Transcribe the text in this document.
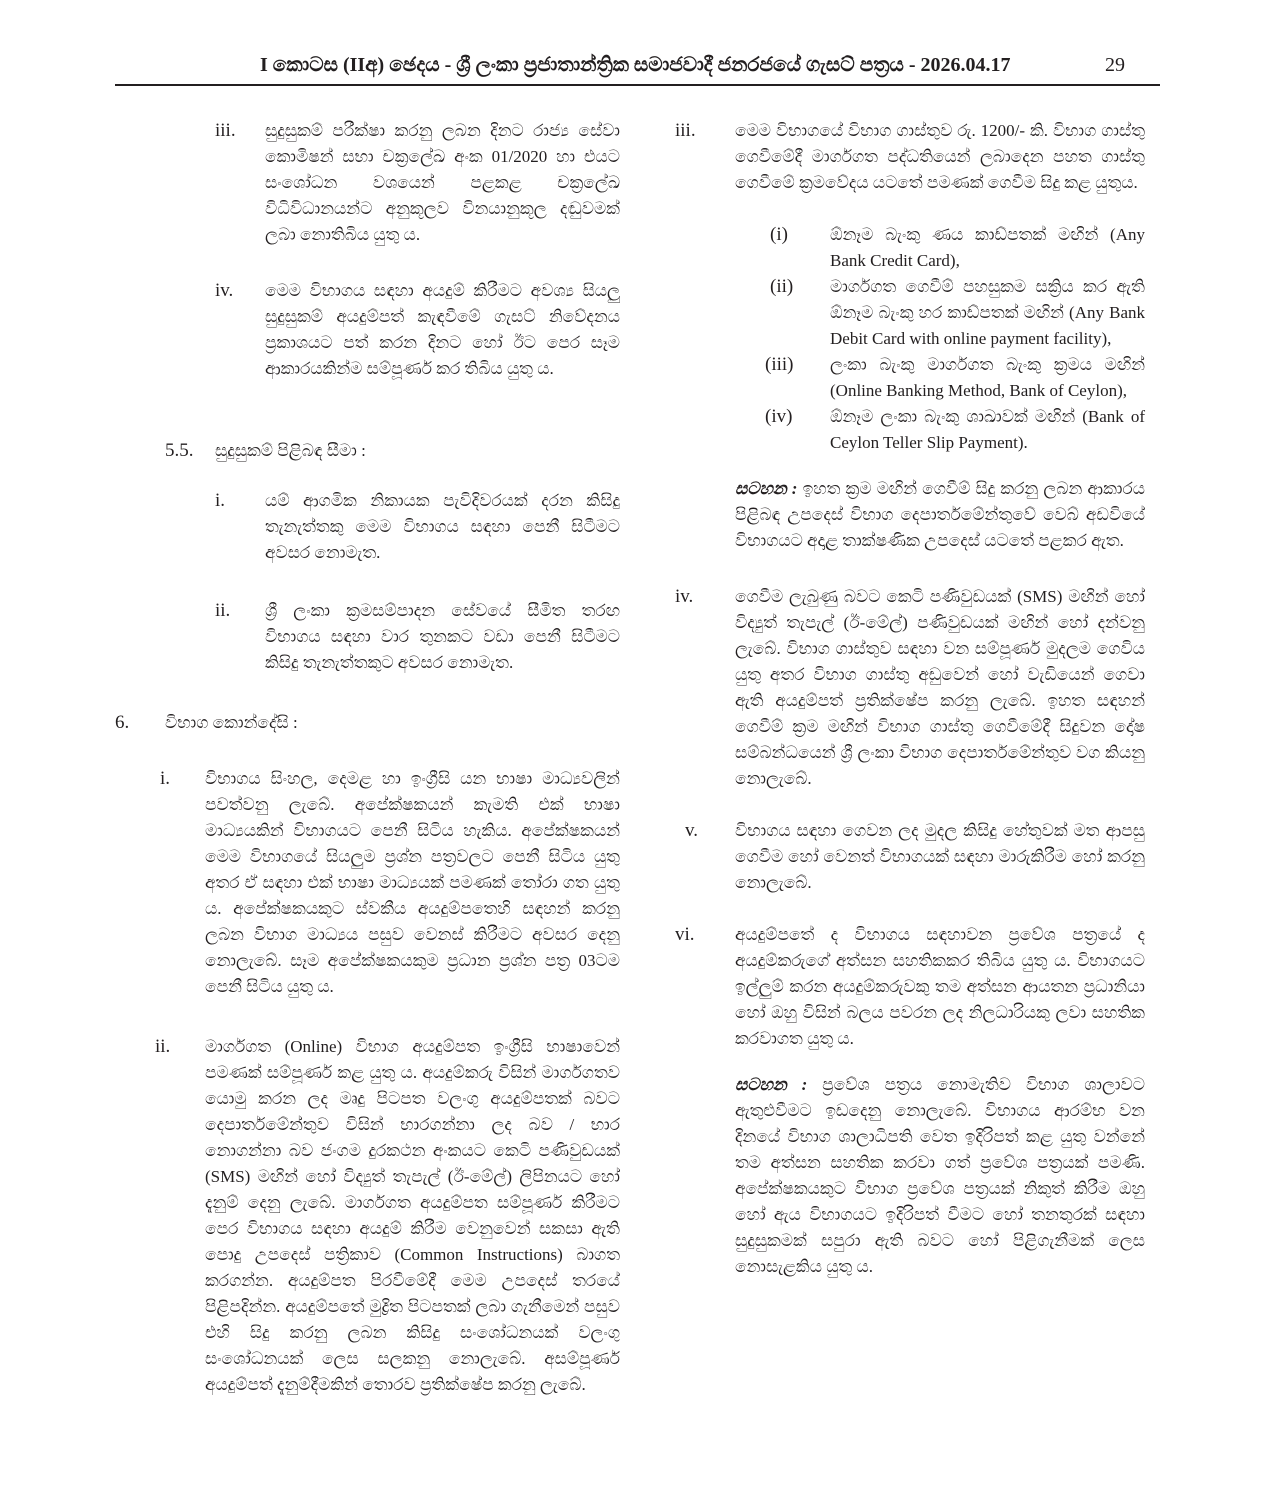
I කොටස (IIඅ) ඡෙදය - ශ්‍රී ලංකා ප්‍රජාතාන්ත්‍රික සමාජවාදී ජනරජයේ ගැසට් පත්‍රය - 2026.04.17	29
iii. සුදුසුකම් පරීක්ෂා කරනු ලබන දිනට රාජ්‍ය සේවා කොමිෂන් සභා චක්‍රලේඛ අංක 01/2020 හා එයට සංශෝධන වශයෙන් පළකළ චක්‍රලේඛ විධිවිධානයන්ට අනුකූලව විනයානුකූල දඬුවමක් ලබා නොතිබිය යුතු ය.
iv. මෙම විභාගය සඳහා අයදුම් කිරීමට අවශ්‍ය සියලු සුදුසුකම් අයදුම්පත් කැඳවීමේ ගැසට් නිවේදනය ප්‍රකාශයට පත් කරන දිනට හෝ ඊට පෙර සෑම ආකාරයකින්ම සම්පූර්ණ කර තිබිය යුතු ය.
5.5. සුදුසුකම් පිළිබඳ සීමා :
i. යම් ආගමික නිකායක පැවිදිවරයක් දරන කිසිදු තැනැත්තකු මෙම විභාගය සඳහා පෙනී සිටීමට අවසර නොමැත.
ii. ශ්‍රී ලංකා ක්‍රමසම්පාදන සේවයේ සීමිත තරඟ විභාගය සඳහා වාර තුනකට වඩා පෙනී සිටීමට කිසිදු තැනැත්තකුට අවසර නොමැත.
6. විභාග කොන්දේසි :
i. විභාගය සිංහල, දෙමළ හා ඉංග්‍රීසි යන භාෂා මාධ්‍යවලින් පවත්වනු ලැබේ. අපේක්ෂකයන් කැමති එක් භාෂා මාධ්‍යයකින් විභාගයට පෙනී සිටිය හැකිය. අපේක්ෂකයන් මෙම විභාගයේ සියලුම ප්‍රශ්න පත්‍රවලට පෙනී සිටිය යුතු අතර ඒ සඳහා එක් භාෂා මාධ්‍යයක් පමණක් තෝරා ගත යුතු ය. අපේක්ෂකයකුට ස්වකීය අයදුම්පතෙහි සඳහන් කරනු ලබන විභාග මාධ්‍යය පසුව වෙනස් කිරීමට අවසර දෙනු නොලැබේ. සෑම අපේක්ෂකයකුම ප්‍රධාන ප්‍රශ්න පත්‍ර 03ටම පෙනී සිටිය යුතු ය.
ii. මාර්ගගත (Online) විභාග අයදුම්පත ඉංග්‍රීසි භාෂාවෙන් පමණක් සම්පූර්ණ කළ යුතු ය. අයදුම්කරු විසින් මාර්ගගතව යොමු කරන ලද මෘදු පිටපත වලංගු අයදුම්පතක් බවට දෙපාර්තමේන්තුව විසින් භාරගන්නා ලද බව / භාර නොගන්නා බව ජංගම දුරකථන අංකයට කෙටි පණිවුඩයක් (SMS) මඟින් හෝ විද්‍යුත් තැපැල් (ඊ-මේල්) ලිපිනයට හෝ දැනුම් දෙනු ලැබේ. මාර්ගගත අයදුම්පත සම්පූර්ණ කිරීමට පෙර විභාගය සඳහා අයදුම් කිරීම වෙනුවෙන් සකසා ඇති පොදු උපදෙස් පත්‍රිකාව (Common Instructions) බාගත කරගන්න. අයදුම්පත පිරවීමේදී මෙම උපදෙස් තරයේ පිළිපදින්න. අයදුම්පතේ මුද්‍රිත පිටපතක් ලබා ගැනීමෙන් පසුව එහි සිදු කරනු ලබන කිසිදු සංශෝධනයක් වලංගු සංශෝධනයක් ලෙස සලකනු නොලැබේ. අසම්පූර්ණ අයදුම්පත් දැනුම්දීමකින් තොරව ප්‍රතික්ෂේප කරනු ලැබේ.
iii. මෙම විභාගයේ විභාග ගාස්තුව රු. 1200/- කි. විභාග ගාස්තු ගෙවීමේදී මාර්ගගත පද්ධතියෙන් ලබාදෙන පහත ගාස්තු ගෙවීමේ ක්‍රමවේදය යටතේ පමණක් ගෙවීම සිදු කළ යුතුය.
(i) ඕනෑම බැංකු ණය කාඩ්පතක් මඟින් (Any Bank Credit Card),
(ii) මාර්ගගත ගෙවීම් පහසුකම සක්‍රිය කර ඇති ඕනෑම බැංකු හර කාඩ්පතක් මඟින් (Any Bank Debit Card with online payment facility),
(iii) ලංකා බැංකු මාර්ගගත බැංකු ක්‍රමය මඟින් (Online Banking Method, Bank of Ceylon),
(iv) ඕනෑම ලංකා බැංකු ශාඛාවක් මඟින් (Bank of Ceylon Teller Slip Payment).
සටහන : ඉහත ක්‍රම මඟින් ගෙවීම් සිදු කරනු ලබන ආකාරය පිළිබඳ උපදෙස් විභාග දෙපාර්තමේන්තුවේ වෙබ් අඩවියේ විභාගයට අදාළ තාක්ෂණික උපදෙස් යටතේ පළකර ඇත.
iv. ගෙවීම ලැබුණු බවට කෙටි පණිවුඩයක් (SMS) මඟින් හෝ විද්‍යුත් තැපැල් (ඊ-මේල්) පණිවුඩයක් මඟින් හෝ දන්වනු ලැබේ. විභාග ගාස්තුව සඳහා වන සම්පූර්ණ මුදලම ගෙවිය යුතු අතර විභාග ගාස්තු අඩුවෙන් හෝ වැඩියෙන් ගෙවා ඇති අයදුම්පත් ප්‍රතික්ෂේප කරනු ලැබේ. ඉහත සඳහන් ගෙවීම් ක්‍රම මඟින් විභාග ගාස්තු ගෙවීමේදී සිදුවන දෝෂ සම්බන්ධයෙන් ශ්‍රී ලංකා විභාග දෙපාර්තමේන්තුව වග කියනු නොලැබේ.
v. විභාගය සඳහා ගෙවන ලද මුදල කිසිදු හේතුවක් මත ආපසු ගෙවීම හෝ වෙනත් විභාගයක් සඳහා මාරුකිරීම හෝ කරනු නොලැබේ.
vi. අයදුම්පතේ ද විභාගය සඳහාවන ප්‍රවේශ පත්‍රයේ ද අයදුම්කරුගේ අත්සන සහතිකකර තිබිය යුතු ය. විභාගයට ඉල්ලුම් කරන අයදුම්කරුවකු තම අත්සන ආයතන ප්‍රධානියා හෝ ඔහු විසින් බලය පවරන ලද නිලධාරියකු ලවා සහතික කරවාගත යුතු ය.
සටහන : ප්‍රවේශ පත්‍රය නොමැතිව විභාග ශාලාවට ඇතුළුවීමට ඉඩදෙනු නොලැබේ. විභාගය ආරම්භ වන දිනයේ විභාග ශාලාධිපති වෙත ඉදිරිපත් කළ යුතු වන්නේ තම අත්සන සහතික කරවා ගත් ප්‍රවේශ පත්‍රයක් පමණි. අපේක්ෂකයකුට විභාග ප්‍රවේශ පත්‍රයක් නිකුත් කිරීම ඔහු හෝ ඇය විභාගයට ඉදිරිපත් වීමට හෝ තනතුරක් සඳහා සුදුසුකමක් සපුරා ඇති බවට හෝ පිළිගැනීමක් ලෙස නොසැළකිය යුතු ය.
